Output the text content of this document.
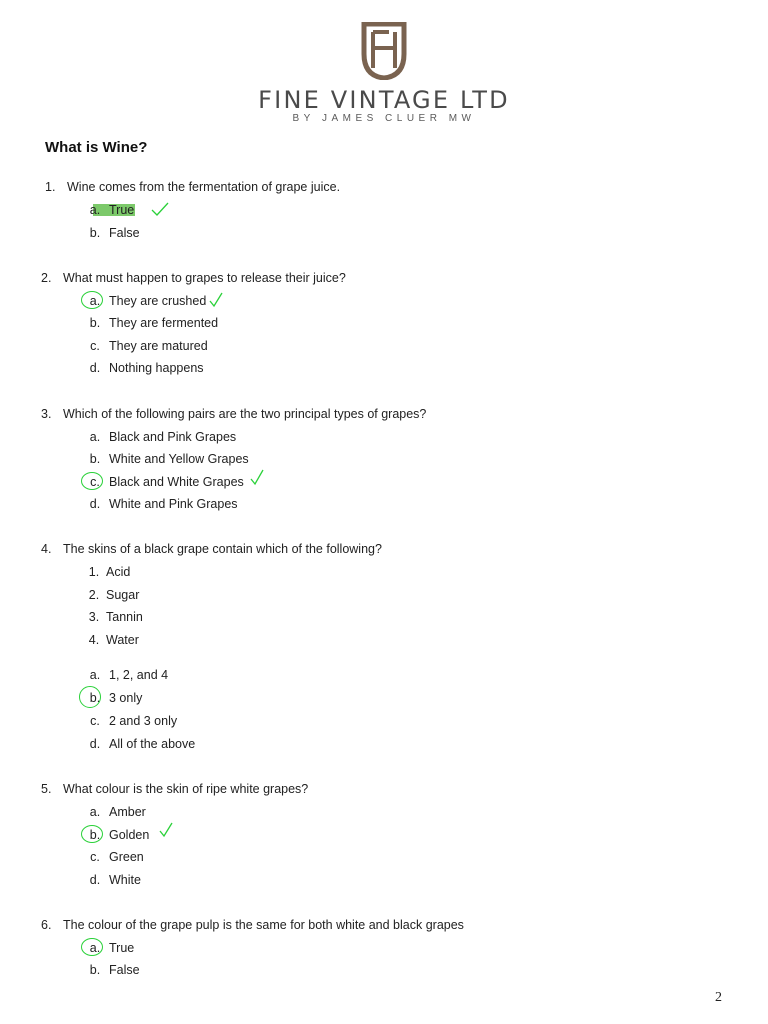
FINE VINTAGE LTD
BY JAMES CLUER MW
What is Wine?
1. Wine comes from the fermentation of grape juice.
a. True
b. False
2. What must happen to grapes to release their juice?
a. They are crushed
b. They are fermented
c. They are matured
d. Nothing happens
3. Which of the following pairs are the two principal types of grapes?
a. Black and Pink Grapes
b. White and Yellow Grapes
c. Black and White Grapes
d. White and Pink Grapes
4. The skins of a black grape contain which of the following?
1. Acid
2. Sugar
3. Tannin
4. Water
a. 1, 2, and 4
b. 3 only
c. 2 and 3 only
d. All of the above
5. What colour is the skin of ripe white grapes?
a. Amber
b. Golden
c. Green
d. White
6. The colour of the grape pulp is the same for both white and black grapes
a. True
b. False
2
